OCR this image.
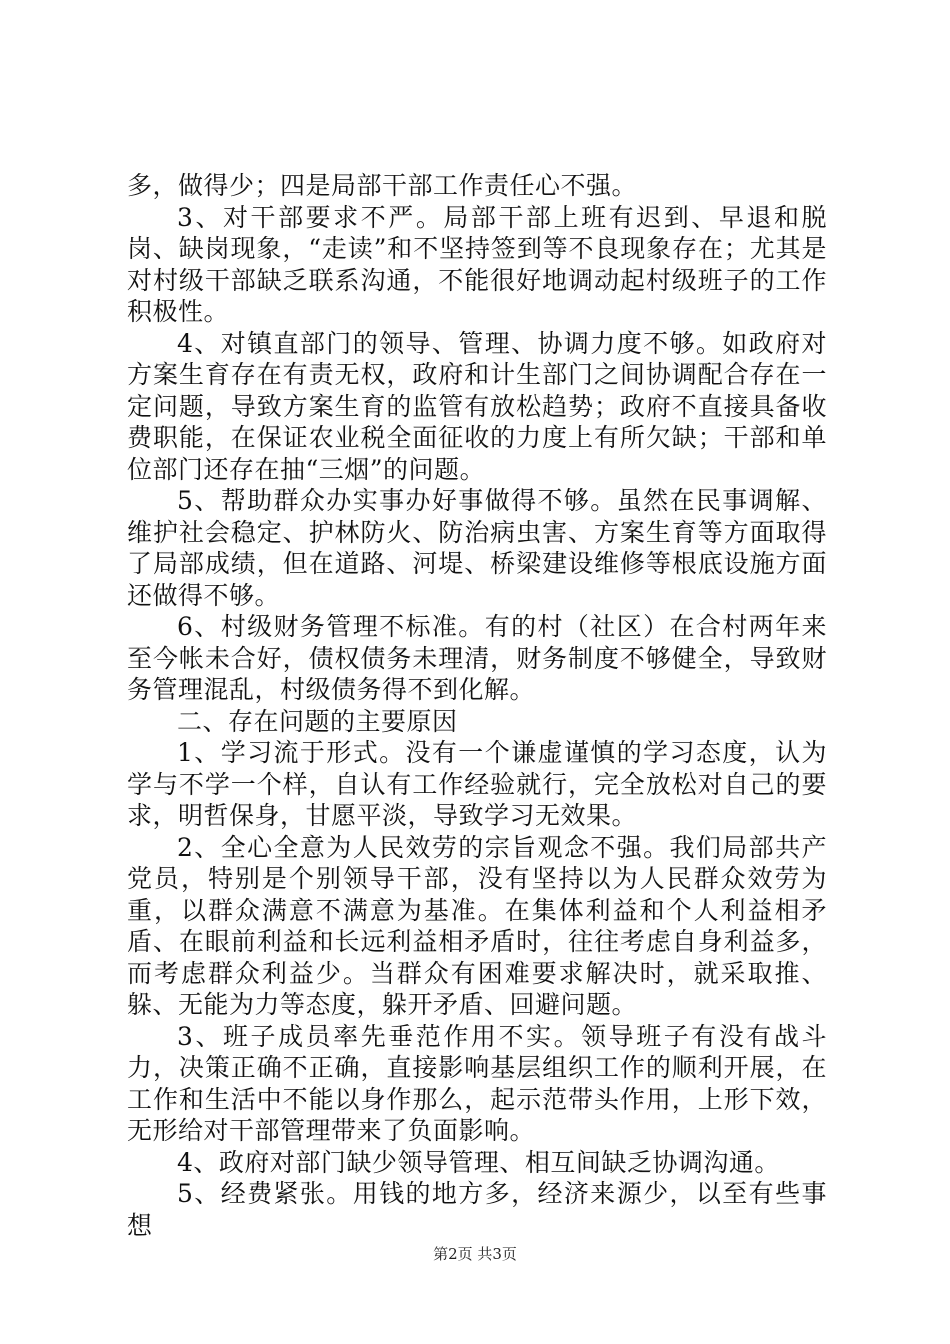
多，做得少；四是局部干部工作责任心不强。

3、对干部要求不严。局部干部上班有迟到、早退和脱岗、缺岗现象，“走读”和不坚持签到等不良现象存在；尤其是对村级干部缺乏联系沟通，不能很好地调动起村级班子的工作积极性。

4、对镇直部门的领导、管理、协调力度不够。如政府对方案生育存在有责无权，政府和计生部门之间协调配合存在一定问题，导致方案生育的监管有放松趋势；政府不直接具备收费职能，在保证农业税全面征收的力度上有所欠缺；干部和单位部门还存在抽“三烟”的问题。

5、帮助群众办实事办好事做得不够。虽然在民事调解、维护社会稳定、护林防火、防治病虫害、方案生育等方面取得了局部成绩，但在道路、河堤、桥梁建设维修等根底设施方面还做得不够。

6、村级财务管理不标准。有的村（社区）在合村两年来至今帐未合好，债权债务未理清，财务制度不够健全，导致财务管理混乱，村级债务得不到化解。

二、存在问题的主要原因

1、学习流于形式。没有一个谦虚谨慎的学习态度，认为学与不学一个样，自认有工作经验就行，完全放松对自己的要求，明哲保身，甘愿平淡，导致学习无效果。

2、全心全意为人民效劳的宗旨观念不强。我们局部共产党员，特别是个别领导干部，没有坚持以为人民群众效劳为重，以群众满意不满意为基准。在集体利益和个人利益相矛盾、在眼前利益和长远利益相矛盾时，往往考虑自身利益多，而考虑群众利益少。当群众有困难要求解决时，就采取推、躲、无能为力等态度，躲开矛盾、回避问题。

3、班子成员率先垂范作用不实。领导班子有没有战斗力，决策正确不正确，直接影响基层组织工作的顺利开展，在工作和生活中不能以身作那么，起示范带头作用，上形下效，无形给对干部管理带来了负面影响。

4、政府对部门缺少领导管理、相互间缺乏协调沟通。

5、经费紧张。用钱的地方多，经济来源少，以至有些事想

第2页 共3页
